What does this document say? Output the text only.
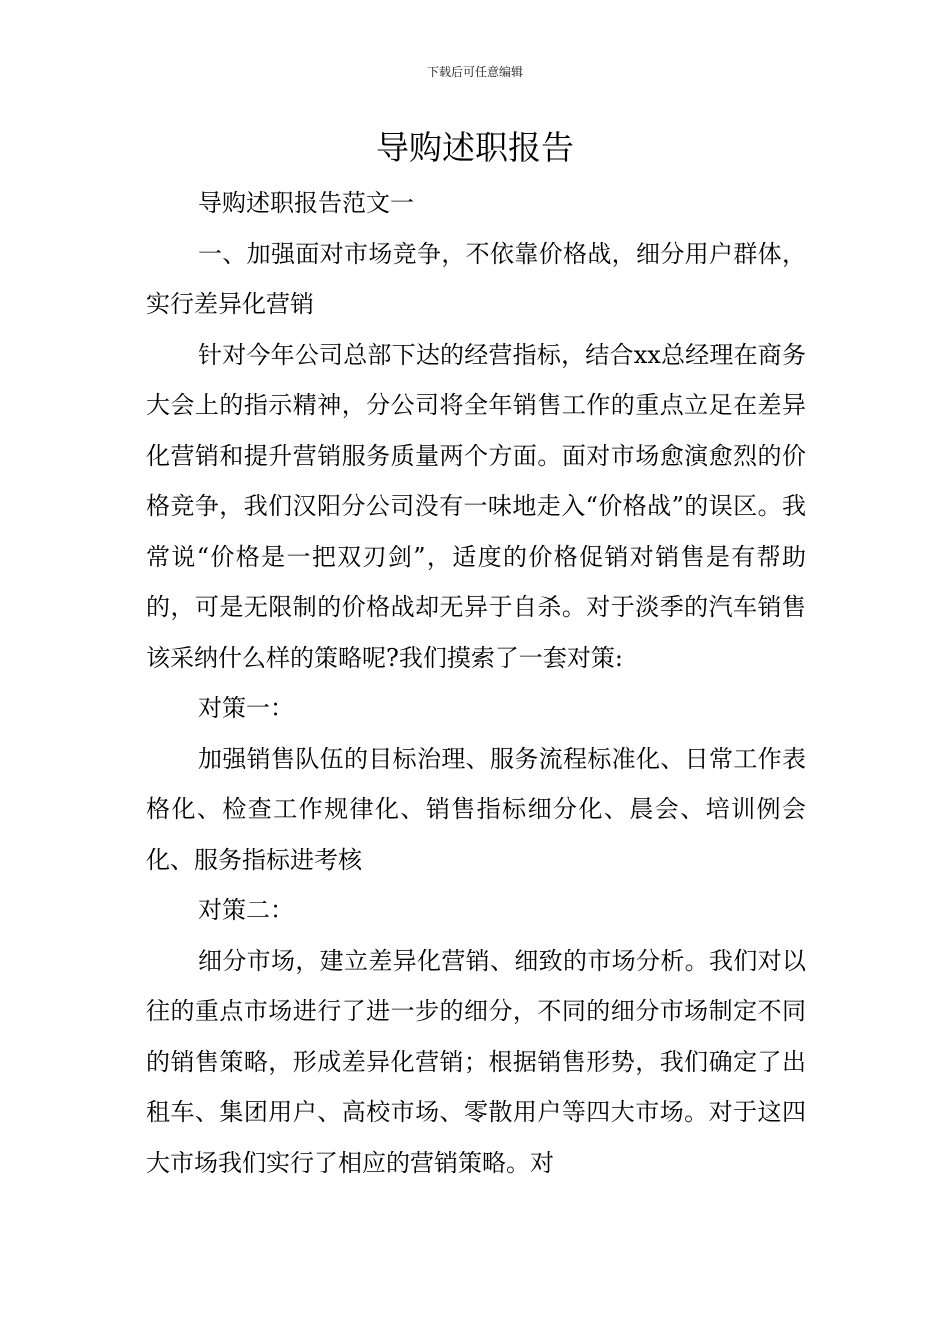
下载后可任意编辑
导购述职报告

导购述职报告范文一

一、加强面对市场竞争，不依靠价格战，细分用户群体，实行差异化营销

针对今年公司总部下达的经营指标，结合xx总经理在商务大会上的指示精神，分公司将全年销售工作的重点立足在差异化营销和提升营销服务质量两个方面。面对市场愈演愈烈的价格竞争，我们汉阳分公司没有一味地走入“价格战”的误区。我常说“价格是一把双刃剑”，适度的价格促销对销售是有帮助的，可是无限制的价格战却无异于自杀。对于淡季的汽车销售该采纳什么样的策略呢?我们摸索了一套对策:

对策一：

加强销售队伍的目标治理、服务流程标准化、日常工作表格化、检查工作规律化、销售指标细分化、晨会、培训例会化、服务指标进考核

对策二：

细分市场，建立差异化营销、细致的市场分析。我们对以往的重点市场进行了进一步的细分，不同的细分市场制定不同的销售策略，形成差异化营销；根据销售形势，我们确定了出租车、集团用户、高校市场、零散用户等四大市场。对于这四大市场我们实行了相应的营销策略。对
